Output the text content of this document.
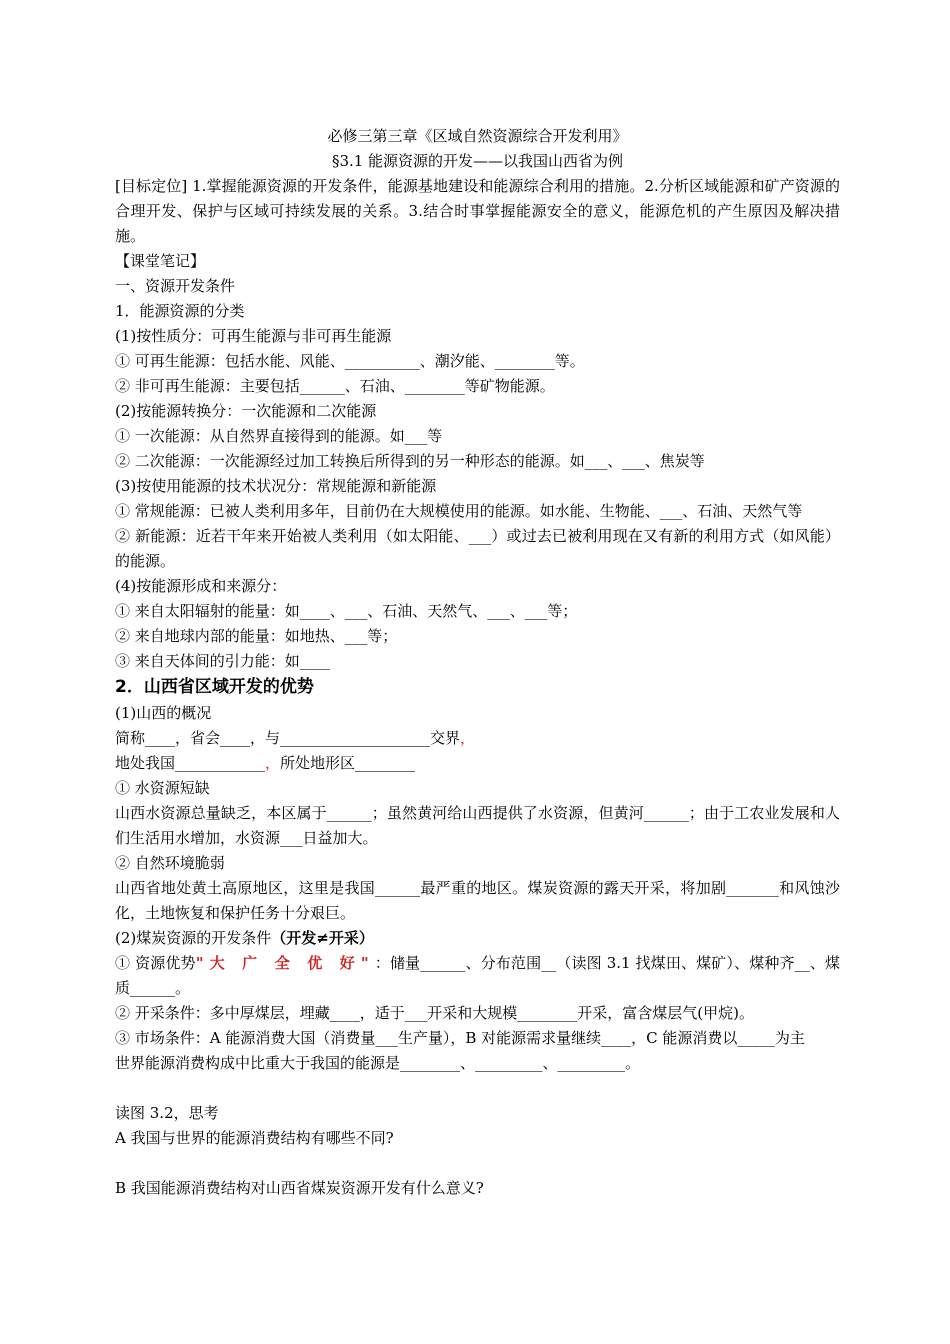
必修三第三章《区域自然资源综合开发利用》
§3.1 能源资源的开发——以我国山西省为例
[目标定位] 1.掌握能源资源的开发条件，能源基地建设和能源综合利用的措施。2.分析区域能源和矿产资源的合理开发、保护与区域可持续发展的关系。3.结合时事掌握能源安全的意义，能源危机的产生原因及解决措施。
【课堂笔记】
一、资源开发条件
1．能源资源的分类
(1)按性质分：可再生能源与非可再生能源
① 可再生能源：包括水能、风能、__________、潮汐能、________等。
② 非可再生能源：主要包括______、石油、________等矿物能源。
(2)按能源转换分：一次能源和二次能源
① 一次能源：从自然界直接得到的能源。如___等
② 二次能源：一次能源经过加工转换后所得到的另一种形态的能源。如___、___、焦炭等
(3)按使用能源的技术状况分：常规能源和新能源
① 常规能源：已被人类利用多年，目前仍在大规模使用的能源。如水能、生物能、___、石油、天然气等
② 新能源：近若干年来开始被人类利用（如太阳能、___）或过去已被利用现在又有新的利用方式（如风能）的能源。
(4)按能源形成和来源分：
① 来自太阳辐射的能量：如____、___、石油、天然气、___、___等；
② 来自地球内部的能量：如地热、___等；
③ 来自天体间的引力能：如____
2．山西省区域开发的优势
(1)山西的概况
简称____，省会____，与____________________交界，
地处我国____________，所处地形区________
① 水资源短缺
山西水资源总量缺乏，本区属于______；虽然黄河给山西提供了水资源，但黄河______；由于工农业发展和人们生活用水增加，水资源___日益加大。
② 自然环境脆弱
山西省地处黄土高原地区，这里是我国______最严重的地区。煤炭资源的露天开采，将加剧_______和风蚀沙化，土地恢复和保护任务十分艰巨。
(2)煤炭资源的开发条件（开发≠开采）
① 资源优势"大 广 全 优 好"：储量______、分布范围__（读图 3.1 找煤田、煤矿）、煤种齐__、煤质______。
② 开采条件：多中厚煤层，埋藏____，适于___开采和大规模________开采，富含煤层气(甲烷)。
③ 市场条件：A 能源消费大国（消费量___生产量），B 对能源需求量继续____，C 能源消费以_____为主
世界能源消费构成中比重大于我国的能源是________、_________、_________。
读图 3.2，思考
A 我国与世界的能源消费结构有哪些不同?
B 我国能源消费结构对山西省煤炭资源开发有什么意义?
